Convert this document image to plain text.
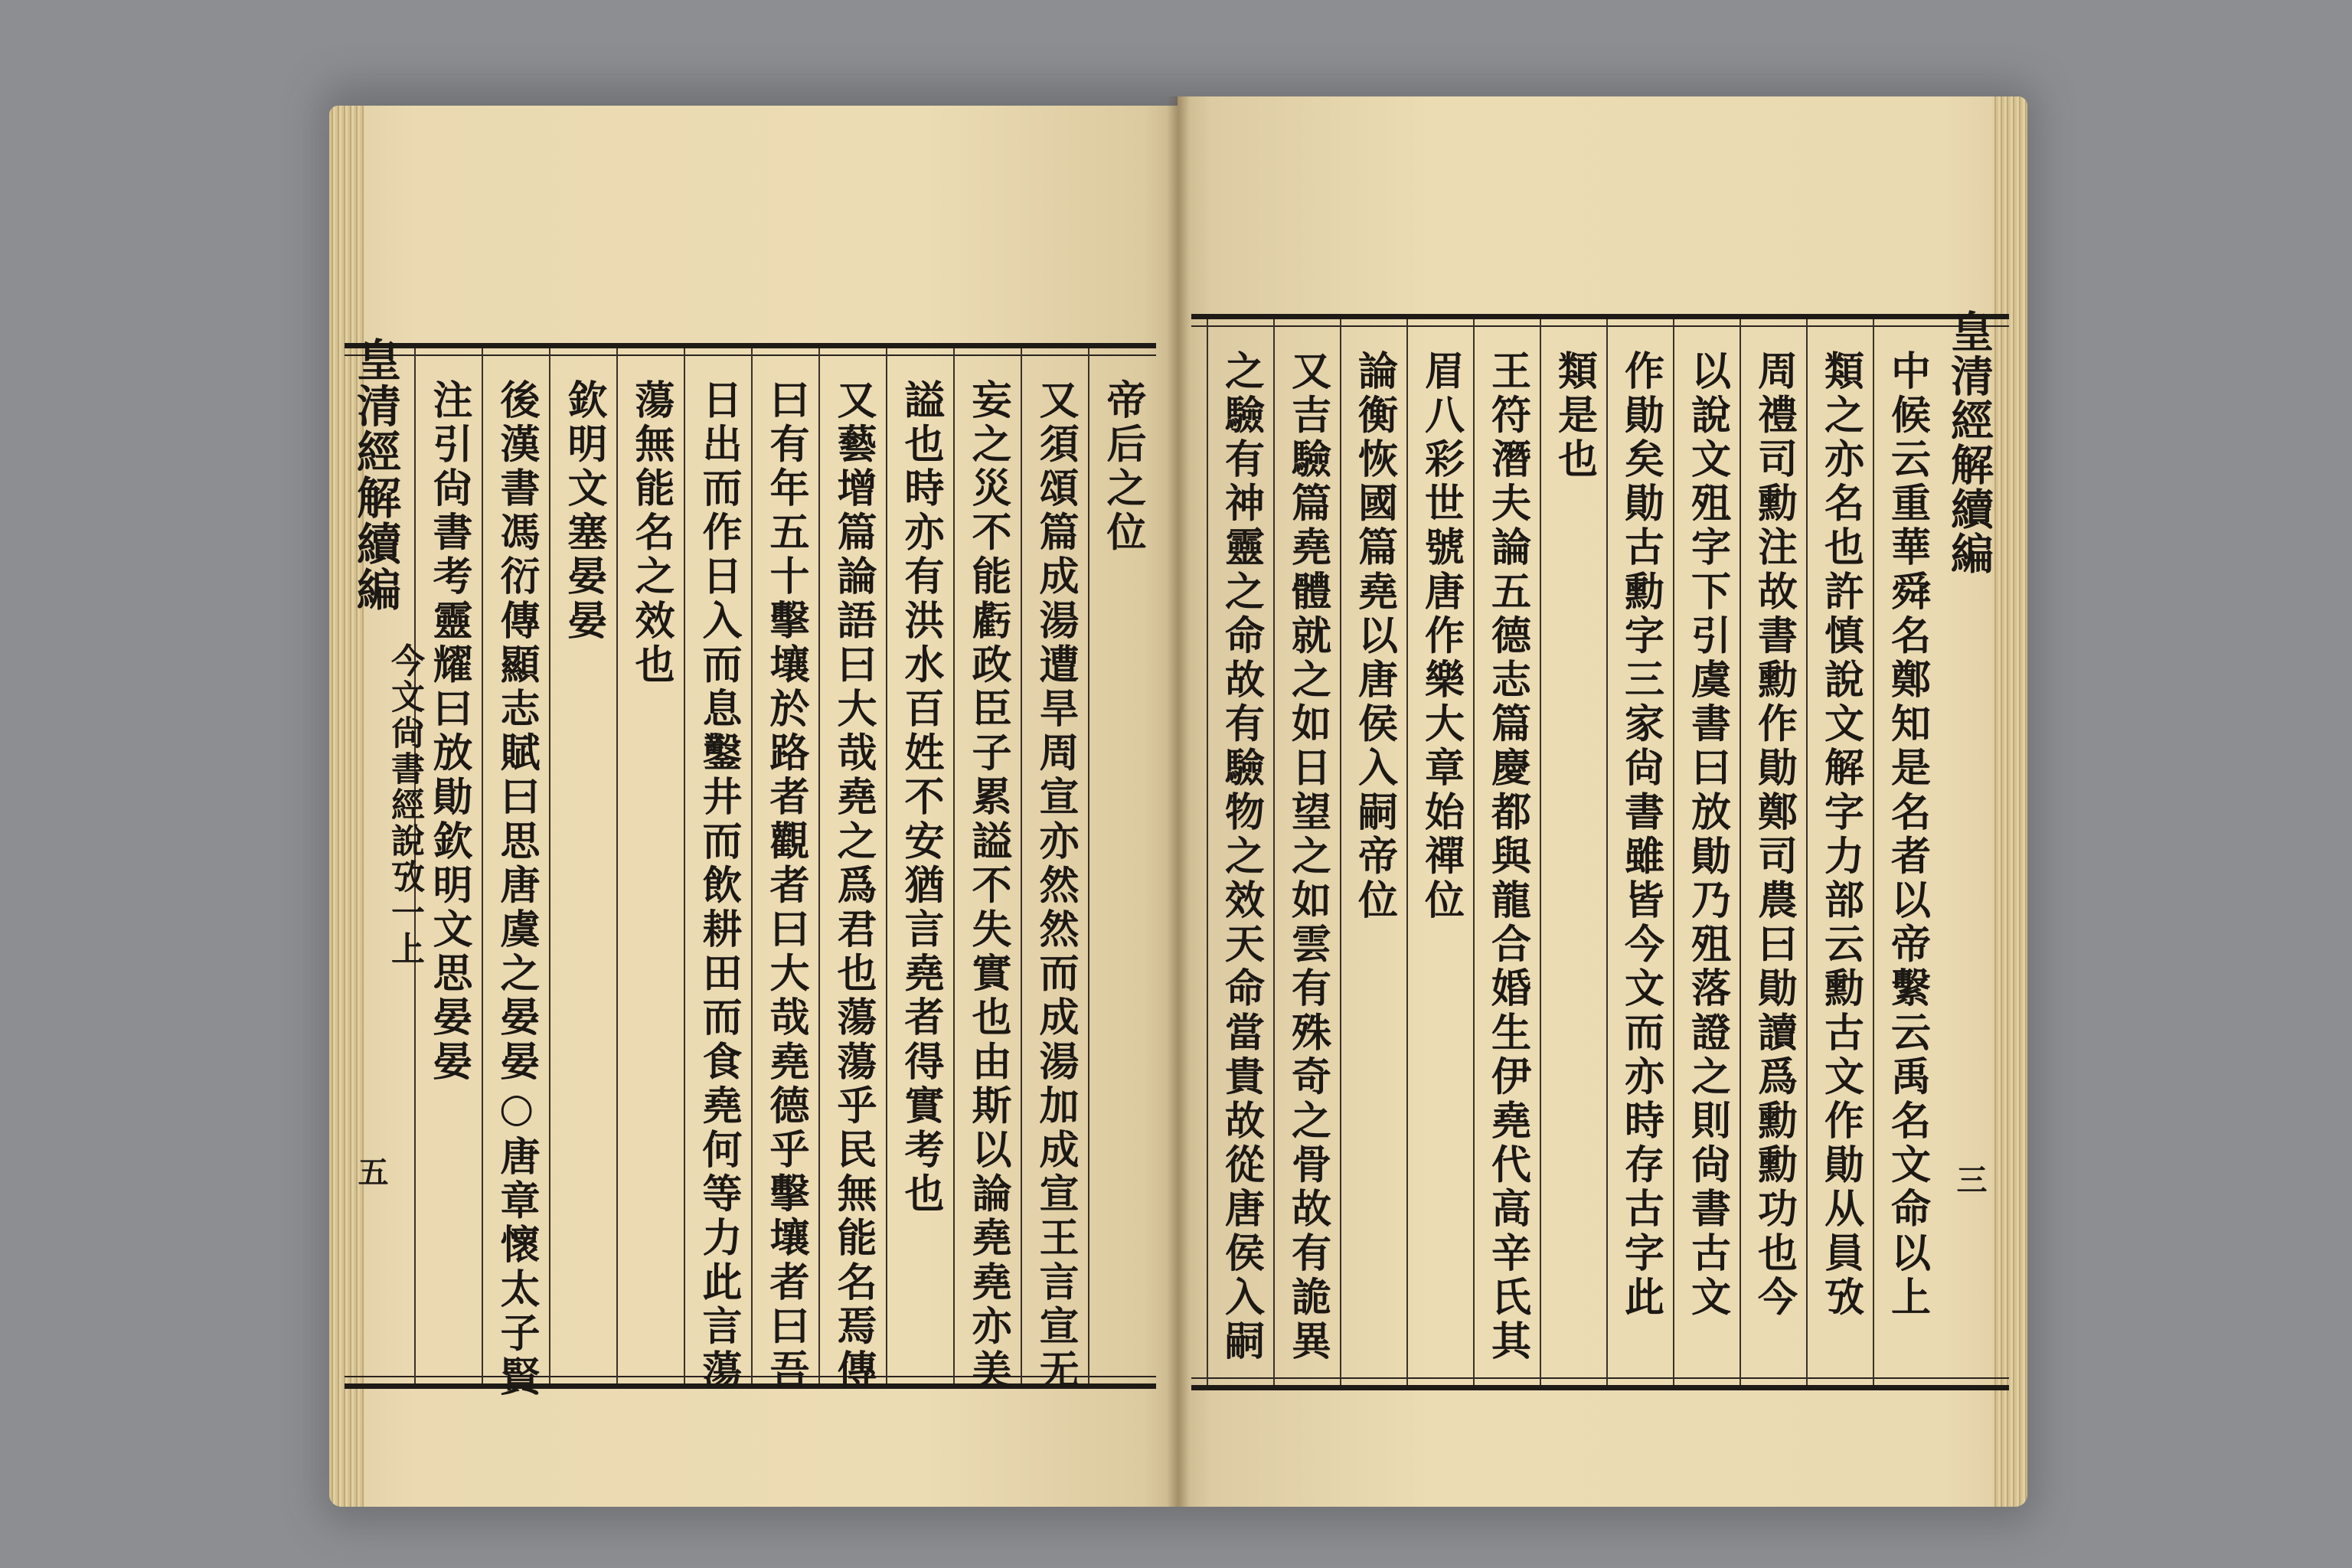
帝后之位
又須頌篇成湯遭旱周宣亦然然而成湯加成宣王言宣无
妄之災不能虧政臣子累謚不失實也由斯以論堯堯亦美
謚也時亦有洪水百姓不安猶言堯者得實考也
又藝增篇論語曰大哉堯之爲君也蕩蕩乎民無能名焉傳
曰有年五十擊壤於路者觀者曰大哉堯德乎擊壤者曰吾
日出而作日入而息鑿井而飲耕田而食堯何等力此言蕩
蕩無能名之效也
欽明文塞晏晏
後漢書馮衍傳顯志賦曰思唐虞之晏晏○唐章懷太子賢
注引尙書考靈耀曰放勛欽明文思晏晏
皇清經解續編
今文尙書經說攷一上
五	中候云重華舜名鄭知是名者以帝繫云禹名文命以上
類之亦名也許慎說文解字力部云勳古文作勛从員攷
周禮司勳注故書勳作勛鄭司農曰勛讀爲勳勳功也今
以說文殂字下引虞書曰放勛乃殂落證之則尙書古文
作勛矣勛古勳字三家尙書雖皆今文而亦時存古字此
類是也
王符潛夫論五德志篇慶都與龍合婚生伊堯代高辛氏其
眉八彩世號唐作樂大章始禪位
論衡恢國篇堯以唐侯入嗣帝位
又吉驗篇堯體就之如日望之如雲有殊奇之骨故有詭異
之驗有神靈之命故有驗物之效天命當貴故從唐侯入嗣	皇清經解續編
三
